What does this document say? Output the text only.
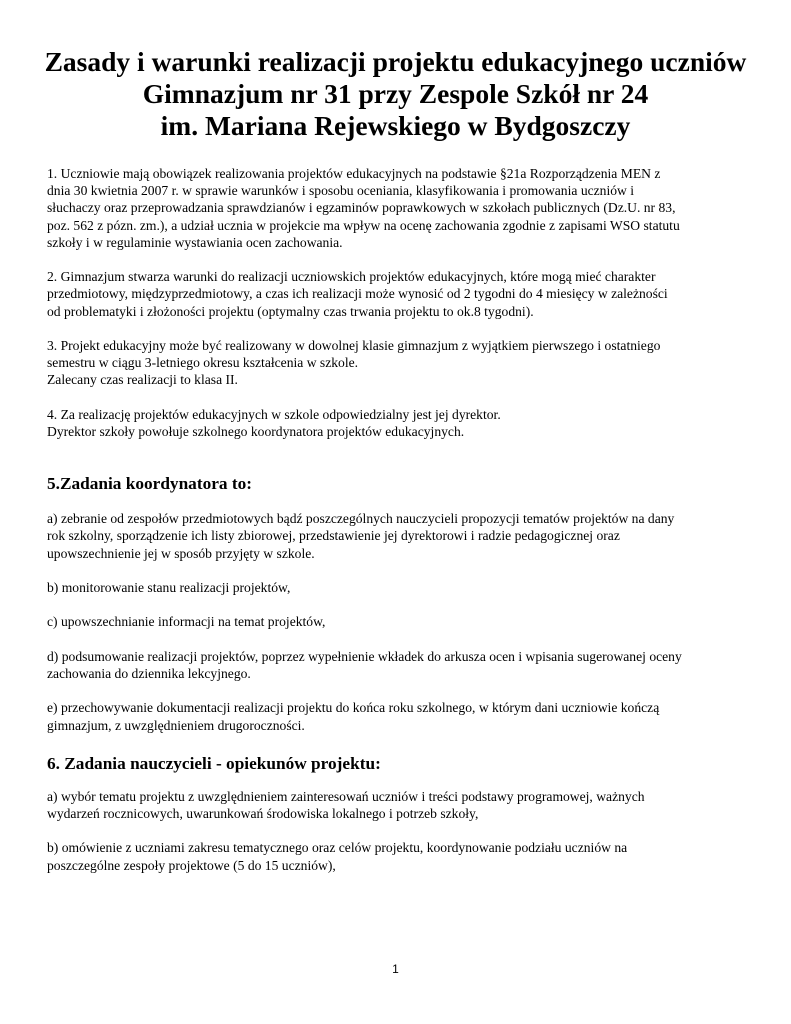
Zasady i warunki realizacji projektu edukacyjnego uczniów
Gimnazjum nr 31 przy Zespole Szkół nr 24
im. Mariana Rejewskiego w Bydgoszczy

1. Uczniowie mają obowiązek realizowania projektów edukacyjnych na podstawie §21a Rozporządzenia MEN z
dnia 30 kwietnia 2007 r. w sprawie warunków i sposobu oceniania, klasyfikowania i promowania uczniów i
słuchaczy oraz przeprowadzania sprawdzianów i egzaminów poprawkowych w szkołach publicznych (Dz.U. nr 83,
poz. 562 z pózn. zm.), a udział ucznia w projekcie ma wpływ na ocenę zachowania zgodnie z zapisami WSO statutu
szkoły i w regulaminie wystawiania ocen zachowania.

2. Gimnazjum stwarza warunki do realizacji uczniowskich projektów edukacyjnych, które mogą mieć charakter
przedmiotowy, międzyprzedmiotowy, a czas ich realizacji może wynosić od 2 tygodni do 4 miesięcy w zależności
od problematyki i złożoności projektu (optymalny czas trwania projektu to ok.8 tygodni).

3. Projekt edukacyjny może być realizowany w dowolnej klasie gimnazjum z wyjątkiem pierwszego i ostatniego
semestru w ciągu 3-letniego okresu kształcenia w szkole.
Zalecany czas realizacji to klasa II.

4. Za realizację projektów edukacyjnych w szkole odpowiedzialny jest jej dyrektor.
Dyrektor szkoły powołuje szkolnego koordynatora projektów edukacyjnych.

5.Zadania koordynatora to:

a) zebranie od zespołów przedmiotowych bądź poszczególnych nauczycieli propozycji tematów projektów na dany
rok szkolny, sporządzenie ich listy zbiorowej, przedstawienie jej dyrektorowi i radzie pedagogicznej oraz
upowszechnienie jej w sposób przyjęty w szkole.

b) monitorowanie stanu realizacji projektów,

c) upowszechnianie informacji na temat projektów,

d) podsumowanie realizacji projektów, poprzez wypełnienie wkładek do arkusza ocen i wpisania sugerowanej oceny
zachowania do dziennika lekcyjnego.

e) przechowywanie dokumentacji realizacji projektu do końca roku szkolnego, w którym dani uczniowie kończą
gimnazjum, z uwzględnieniem drugoroczności.

6. Zadania nauczycieli - opiekunów projektu:

a) wybór tematu projektu z uwzględnieniem zainteresowań uczniów i treści podstawy programowej, ważnych
wydarzeń rocznicowych, uwarunkowań środowiska lokalnego i potrzeb szkoły,

b) omówienie z uczniami zakresu tematycznego oraz celów projektu, koordynowanie podziału uczniów na
poszczególne zespoły projektowe (5 do 15 uczniów),

1
